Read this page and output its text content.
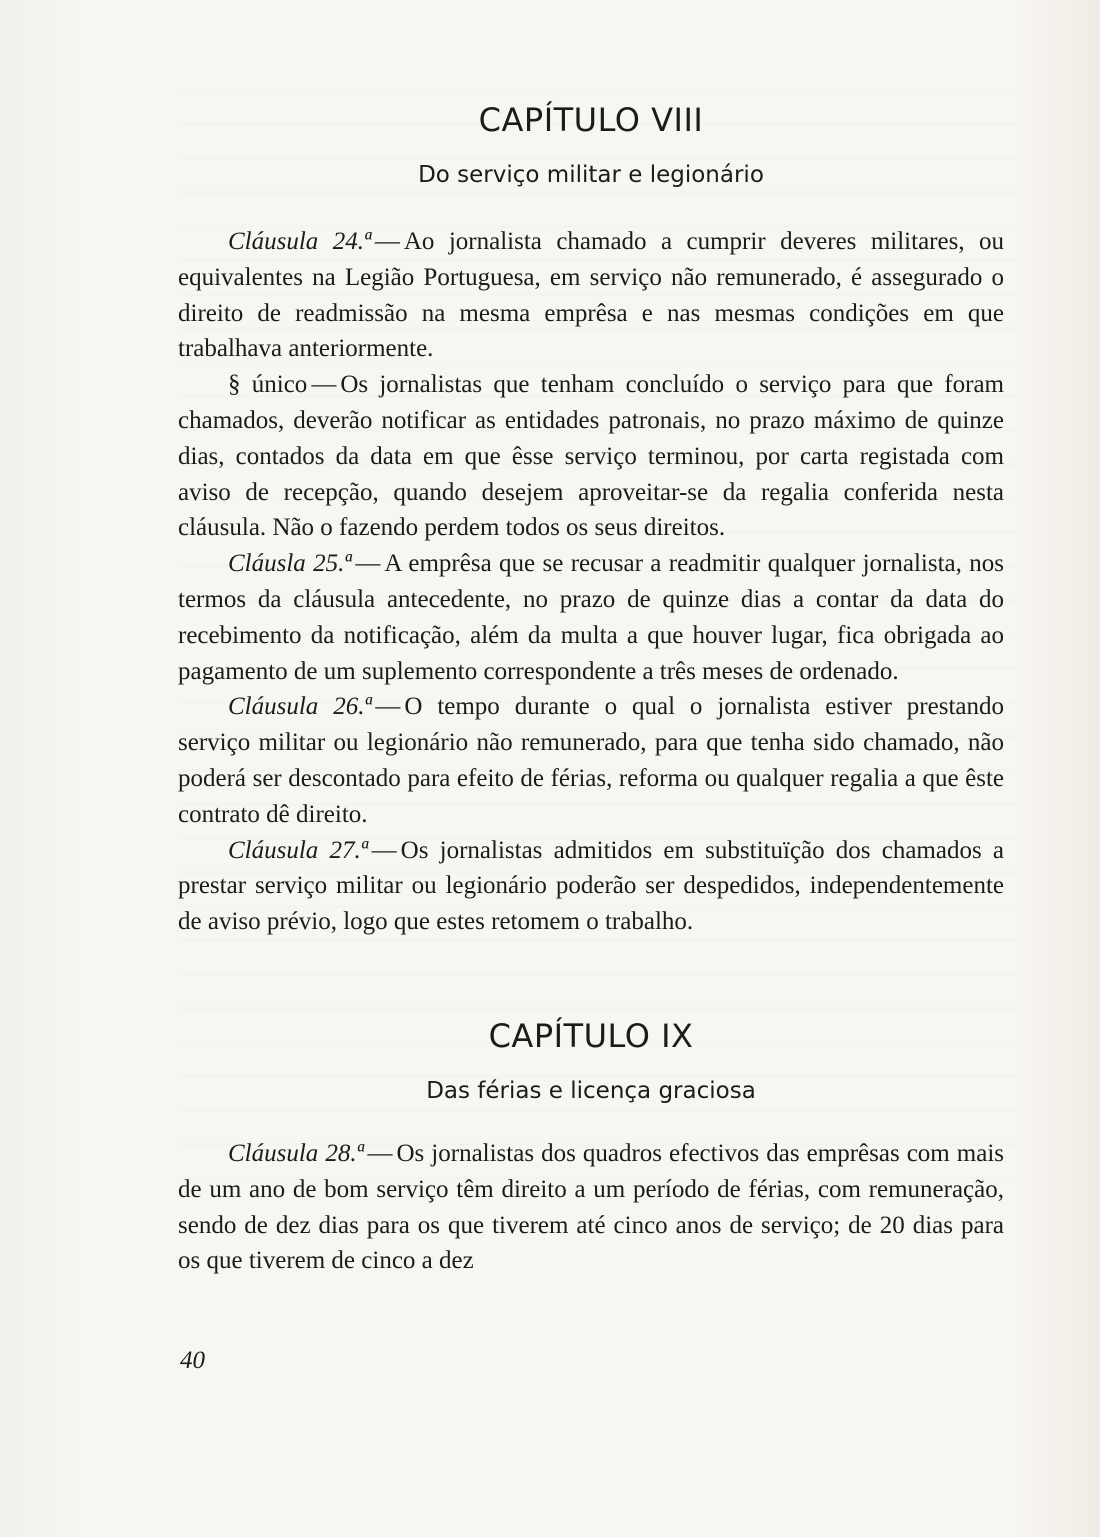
CAPÍTULO VIII
Do serviço militar e legionário

Cláusula 24.ª — Ao jornalista chamado a cumprir deveres militares, ou equivalentes na Legião Portuguesa, em serviço não remunerado, é assegurado o direito de readmissão na mesma emprêsa e nas mesmas condições em que trabalhava anteriormente.

§ único — Os jornalistas que tenham concluído o serviço para que foram chamados, deverão notificar as entidades patronais, no prazo máximo de quinze dias, contados da data em que êsse serviço terminou, por carta registada com aviso de recepção, quando desejem aproveitar-se da regalia conferida nesta cláusula. Não o fazendo perdem todos os seus direitos.

Cláusla 25.ª — A emprêsa que se recusar a readmitir qualquer jornalista, nos termos da cláusula antecedente, no prazo de quinze dias a contar da data do recebimento da notificação, além da multa a que houver lugar, fica obrigada ao pagamento de um suplemento correspondente a três meses de ordenado.

Cláusula 26.ª — O tempo durante o qual o jornalista estiver prestando serviço militar ou legionário não remunerado, para que tenha sido chamado, não poderá ser descontado para efeito de férias, reforma ou qualquer regalia a que êste contrato dê direito.

Cláusula 27.ª — Os jornalistas admitidos em substituïção dos chamados a prestar serviço militar ou legionário poderão ser despedidos, independentemente de aviso prévio, logo que estes retomem o trabalho.

CAPÍTULO IX
Das férias e licença graciosa

Cláusula 28.ª — Os jornalistas dos quadros efectivos das emprêsas com mais de um ano de bom serviço têm direito a um período de férias, com remuneração, sendo de dez dias para os que tiverem até cinco anos de serviço; de 20 dias para os que tiverem de cinco a dez

40
